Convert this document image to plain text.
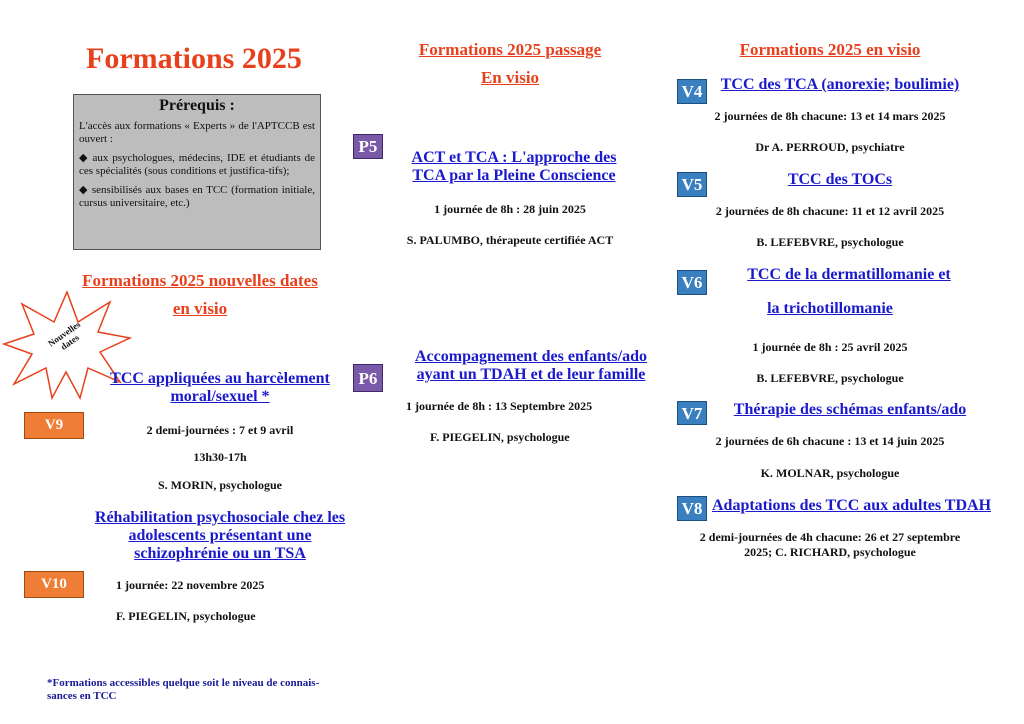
Formations 2025
Prérequis :

L'accès aux formations « Experts » de l'APTCCB est ouvert :

◆ aux psychologues, médecins, IDE et étudiants de ces spécialités (sous conditions et justifica-tifs);

◆ sensibilisés aux bases en TCC (formation initiale, cursus universitaire, etc.)

Formations 2025 nouvelles dates
en visio
Nouvelles dates
V9
TCC appliquées au harcèlement moral/sexuel *
2 demi-journées : 7 et 9 avril
13h30-17h
S. MORIN, psychologue
Réhabilitation psychosociale chez les adolescents présentant une schizophrénie ou un TSA
V10	1 journée: 22 novembre 2025
F. PIEGELIN, psychologue
*Formations accessibles quelque soit le niveau de connais-sances en TCC
Formations 2025 passage
En visio
P5
ACT et TCA : L'approche des TCA par la Pleine Conscience
1 journée de 8h : 28 juin 2025
S. PALUMBO, thérapeute certifiée ACT
P6
Accompagnement des enfants/ado ayant un TDAH et de leur famille
1 journée de 8h : 13 Septembre 2025
F. PIEGELIN, psychologue
Formations 2025 en visio
V4	TCC des TCA (anorexie; boulimie)
2 journées de 8h chacune: 13 et 14 mars 2025
Dr A. PERROUD, psychiatre
V5	TCC des TOCs
2 journées de 8h chacune: 11 et 12 avril 2025
B. LEFEBVRE, psychologue
V6	TCC de la dermatillomanie et
la trichotillomanie
1 journée de 8h : 25 avril 2025
B. LEFEBVRE, psychologue
V7	Thérapie des schémas enfants/ado
2 journées de 6h chacune : 13 et 14 juin 2025
K. MOLNAR, psychologue
V8 Adaptations des TCC aux adultes TDAH
2 demi-journées de 4h chacune: 26 et 27 septembre
2025; C. RICHARD, psychologue
